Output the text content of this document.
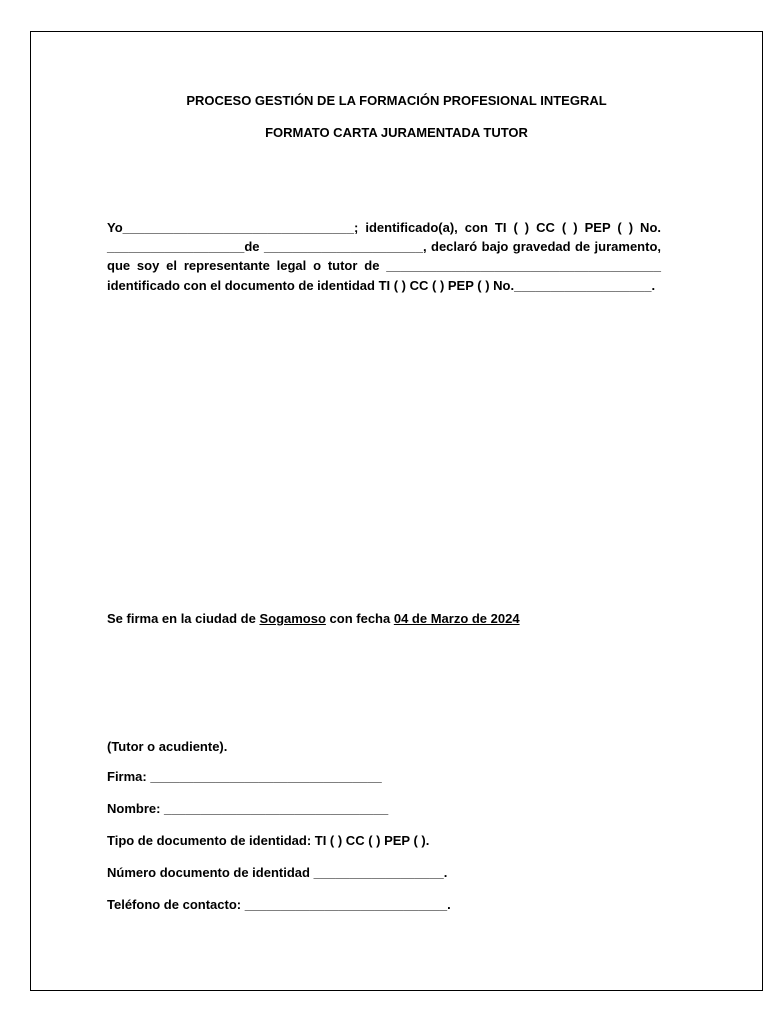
PROCESO GESTIÓN DE LA FORMACIÓN PROFESIONAL INTEGRAL
FORMATO CARTA JURAMENTADA TUTOR

Yo________________________________; identificado(a), con TI ( ) CC ( ) PEP ( ) No. ___________________de ______________________, declaró bajo gravedad de juramento, que soy el representante legal o tutor de ______________________________________ identificado con el documento de identidad TI ( ) CC ( ) PEP ( ) No.___________________.

Se firma en la ciudad de Sogamoso con fecha 04 de Marzo de 2024
(Tutor o acudiente).
Firma: ________________________________
Nombre: _______________________________
Tipo de documento de identidad: TI ( ) CC ( ) PEP ( ).
Número documento de identidad __________________.
Teléfono de contacto: ____________________________.
